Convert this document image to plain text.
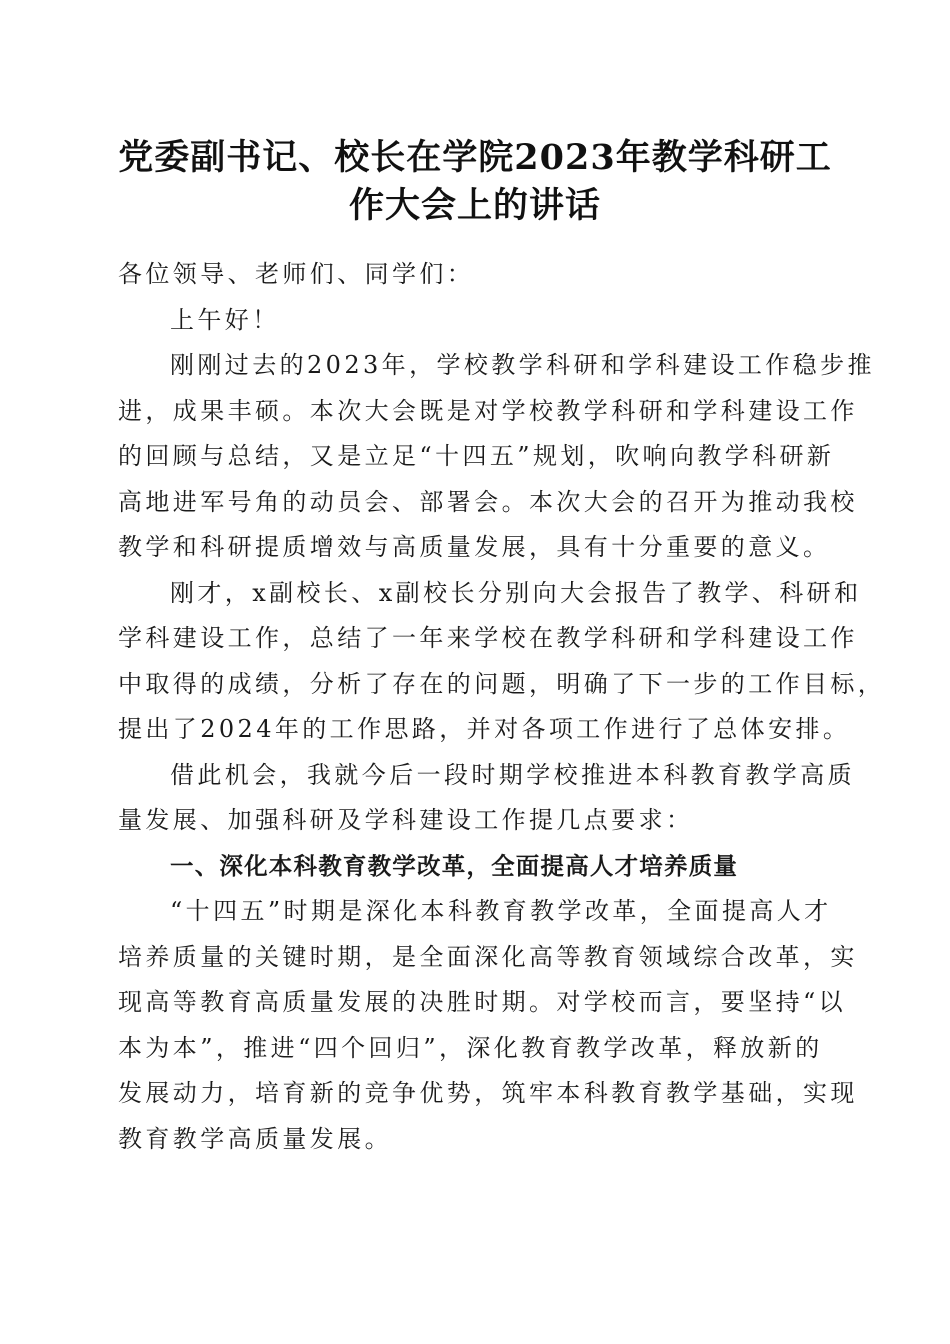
党委副书记、校长在学院2023年教学科研工
作大会上的讲话
各位领导、老师们、同学们：
上午好！
刚刚过去的2023年，学校教学科研和学科建设工作稳步推
进，成果丰硕。本次大会既是对学校教学科研和学科建设工作
的回顾与总结，又是立足“十四五”规划，吹响向教学科研新
高地进军号角的动员会、部署会。本次大会的召开为推动我校
教学和科研提质增效与高质量发展，具有十分重要的意义。
刚才，x副校长、x副校长分别向大会报告了教学、科研和
学科建设工作，总结了一年来学校在教学科研和学科建设工作
中取得的成绩，分析了存在的问题，明确了下一步的工作目标，
提出了2024年的工作思路，并对各项工作进行了总体安排。
借此机会，我就今后一段时期学校推进本科教育教学高质
量发展、加强科研及学科建设工作提几点要求：
一、深化本科教育教学改革，全面提高人才培养质量
“十四五”时期是深化本科教育教学改革，全面提高人才
培养质量的关键时期，是全面深化高等教育领域综合改革，实
现高等教育高质量发展的决胜时期。对学校而言，要坚持“以
本为本”，推进“四个回归”，深化教育教学改革，释放新的
发展动力，培育新的竞争优势，筑牢本科教育教学基础，实现
教育教学高质量发展。
